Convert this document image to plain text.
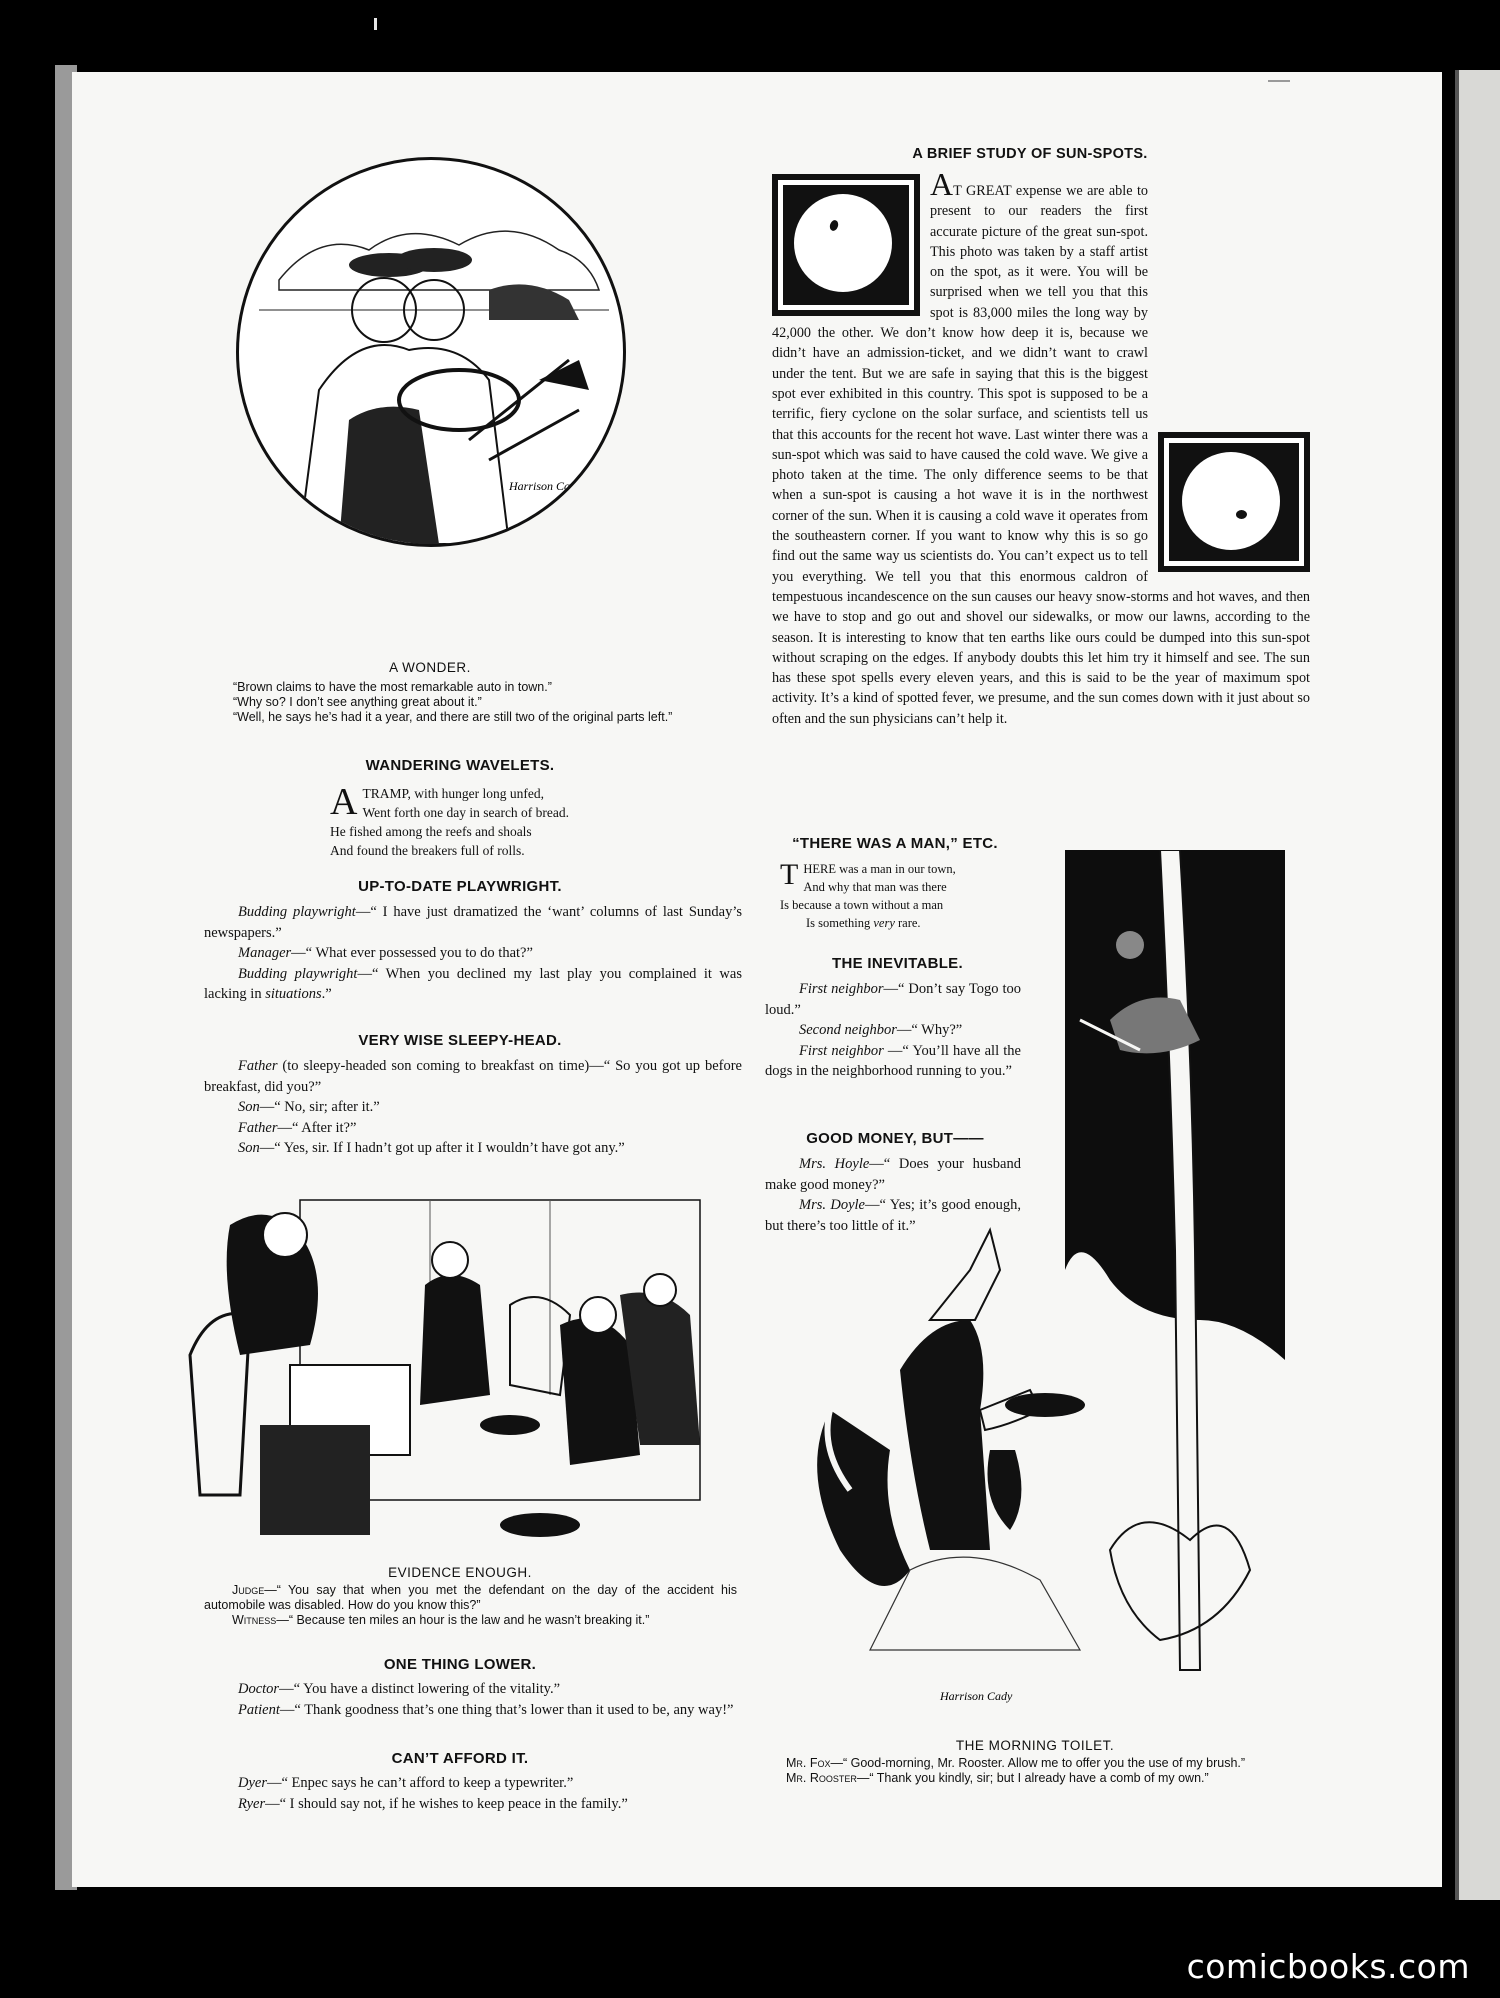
Harrison Cady
A WONDER.

“Brown claims to have the most remarkable auto in town.”

“Why so? I don’t see anything great about it.”

“Well, he says he’s had it a year, and there are still two of the original parts left.”

WANDERING WAVELETS.
A TRAMP, with hunger long unfed,
Went forth one day in search of bread.
He fished among the reefs and shoals
And found the breakers full of rolls.
UP-TO-DATE PLAYWRIGHT.

Budding playwright—“ I have just dramatized the ‘want’ columns of last Sunday’s newspapers.”

Manager—“ What ever possessed you to do that?”

Budding playwright—“ When you declined my last play you complained it was lacking in situations.”

VERY WISE SLEEPY-HEAD.

Father (to sleepy-headed son coming to breakfast on time)—“ So you got up before breakfast, did you?”

Son—“ No, sir; after it.”

Father—“ After it?”

Son—“ Yes, sir. If I hadn’t got up after it I wouldn’t have got any.”

EVIDENCE ENOUGH.

Judge—“ You say that when you met the defendant on the day of the accident his automobile was disabled. How do you know this?”

Witness—“ Because ten miles an hour is the law and he wasn’t breaking it.”

ONE THING LOWER.

Doctor—“ You have a distinct lowering of the vitality.”

Patient—“ Thank goodness that’s one thing that’s lower than it used to be, any way!”

CAN’T AFFORD IT.

Dyer—“ Enpec says he can’t afford to keep a typewriter.”

Ryer—“ I should say not, if he wishes to keep peace in the family.”

A BRIEF STUDY OF SUN-SPOTS.
AT GREAT expense we are able to present to our readers the first accurate picture of the great sun-spot. This photo was taken by a staff artist on the spot, as it were. You will be surprised when we tell you that this spot is 83,000 miles the long way by 42,000 the other. We don’t know how deep it is, because we didn’t have an admission-ticket, and we didn’t want to crawl under the tent. But we are safe in saying that this is the biggest spot ever exhibited in this country. This spot is supposed to be a terrific, fiery cyclone on the solar surface, and scientists tell us that this accounts for the recent hot wave. Last winter there was a sun-spot which was said to have caused the cold wave. We give a photo taken at the time. The only difference seems to be that when a sun-spot is causing a hot wave it is in the northwest corner of the sun. When it is causing a cold wave it operates from the southeastern corner. If you want to know why this is so go find out the same way us scientists do. You can’t expect us to tell you everything. We tell you that this enormous caldron of tempestuous incandescence on the sun causes our heavy snow-storms and hot waves, and then we have to stop and go out and shovel our sidewalks, or mow our lawns, according to the season. It is interesting to know that ten earths like ours could be dumped into this sun-spot without scraping on the edges. If anybody doubts this let him try it himself and see. The sun has these spot spells every eleven years, and this is said to be the year of maximum spot activity. It’s a kind of spotted fever, we presume, and the sun comes down with it just about so often and the sun physicians can’t help it.
“THERE WAS A MAN,” ETC.
T HERE was a man in our town,
And why that man was there
Is because a town without a man
Is something very rare.
THE INEVITABLE.

First neighbor—“ Don’t say Togo too loud.”

Second neighbor—“ Why?”

First neighbor —“ You’ll have all the dogs in the neighborhood running to you.”

GOOD MONEY, BUT——

Mrs. Hoyle—“ Does your husband make good money?”

Mrs. Doyle—“ Yes; it’s good enough, but there’s too little of it.”

Harrison Cady
THE MORNING TOILET.

Mr. Fox—“ Good-morning, Mr. Rooster. Allow me to offer you the use of my brush.”

Mr. Rooster—“ Thank you kindly, sir; but I already have a comb of my own.”

comicbooks.com
